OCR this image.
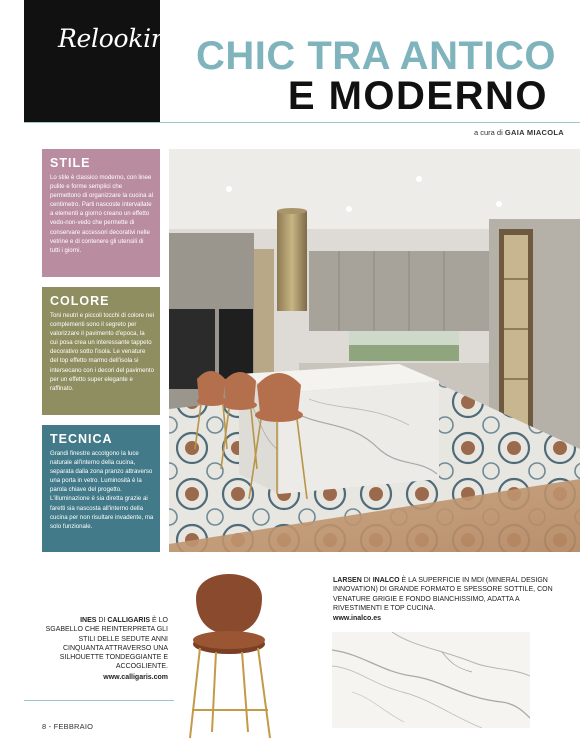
Relooking CHIC TRA ANTICO
E MODERNO
a cura di GAIA MIACOLA
STILE

Lo stile è classico moderno, con linee pulite e forme semplici che permettono di organizzare la cucina al centimetro. Parti nascoste intervallate a elementi a giorno creano un effetto vedo-non-vedo che permette di conservare accessori decorativi nelle vetrine e di contenere gli utensili di tutti i giorni.

COLORE

Toni neutri e piccoli tocchi di colore nei complementi sono il segreto per valorizzare il pavimento d'epoca, la cui posa crea un interessante tappeto decorativo sotto l'isola. Le venature del top effetto marmo dell'isola si intersecano con i decori del pavimento per un effetto super elegante e raffinato.

TECNICA

Grandi finestre accolgono la luce naturale all'interno della cucina, separata dalla zona pranzo attraverso una porta in vetro. Luminosità è la parola chiave del progetto. L'illuminazione è sia diretta grazie ai faretti sia nascosta all'interno della cucina per non risultare invadente, ma solo funzionale.

INES DI CALLIGARIS È LO SGABELLO CHE REINTERPRETA GLI STILI DELLE SEDUTE ANNI CINQUANTA ATTRAVERSO UNA SILHOUETTE TONDEGGIANTE E ACCOGLIENTE.
www.calligaris.com
LARSEN DI INALCO È LA SUPERFICIE IN MDI (MINERAL DESIGN INNOVATION) DI GRANDE FORMATO E SPESSORE SOTTILE, CON VENATURE GRIGIE E FONDO BIANCHISSIMO, ADATTA A RIVESTIMENTI E TOP CUCINA.
www.inalco.es
8 - FEBBRAIO
